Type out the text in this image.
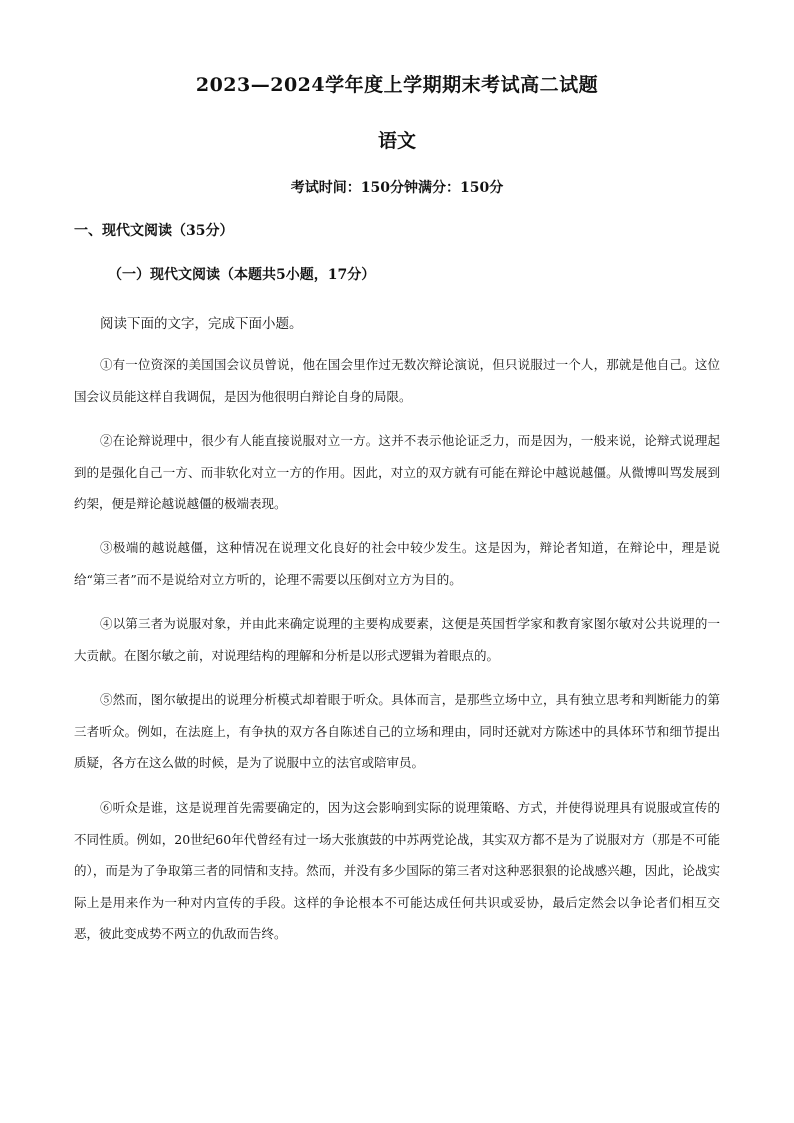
2023—2024学年度上学期期末考试高二试题
语文
考试时间：150分钟满分：150分
一、现代文阅读（35分）
（一）现代文阅读（本题共5小题，17分）
阅读下面的文字，完成下面小题。

①有一位资深的美国国会议员曾说，他在国会里作过无数次辩论演说，但只说服过一个人，那就是他自己。这位国会议员能这样自我调侃，是因为他很明白辩论自身的局限。

②在论辩说理中，很少有人能直接说服对立一方。这并不表示他论证乏力，而是因为，一般来说，论辩式说理起到的是强化自己一方、而非软化对立一方的作用。因此，对立的双方就有可能在辩论中越说越僵。从微博叫骂发展到约架，便是辩论越说越僵的极端表现。

③极端的越说越僵，这种情况在说理文化良好的社会中较少发生。这是因为，辩论者知道，在辩论中，理是说给“第三者”而不是说给对立方听的，论理不需要以压倒对立方为目的。

④以第三者为说服对象，并由此来确定说理的主要构成要素，这便是英国哲学家和教育家图尔敏对公共说理的一大贡献。在图尔敏之前，对说理结构的理解和分析是以形式逻辑为着眼点的。

⑤然而，图尔敏提出的说理分析模式却着眼于听众。具体而言，是那些立场中立，具有独立思考和判断能力的第三者听众。例如，在法庭上，有争执的双方各自陈述自己的立场和理由，同时还就对方陈述中的具体环节和细节提出质疑，各方在这么做的时候，是为了说服中立的法官或陪审员。

⑥听众是谁，这是说理首先需要确定的，因为这会影响到实际的说理策略、方式，并使得说理具有说服或宣传的不同性质。例如，20世纪60年代曾经有过一场大张旗鼓的中苏两党论战，其实双方都不是为了说服对方（那是不可能的），而是为了争取第三者的同情和支持。然而，并没有多少国际的第三者对这种恶狠狠的论战感兴趣，因此，论战实际上是用来作为一种对内宣传的手段。这样的争论根本不可能达成任何共识或妥协，最后定然会以争论者们相互交恶，彼此变成势不两立的仇敌而告终。
